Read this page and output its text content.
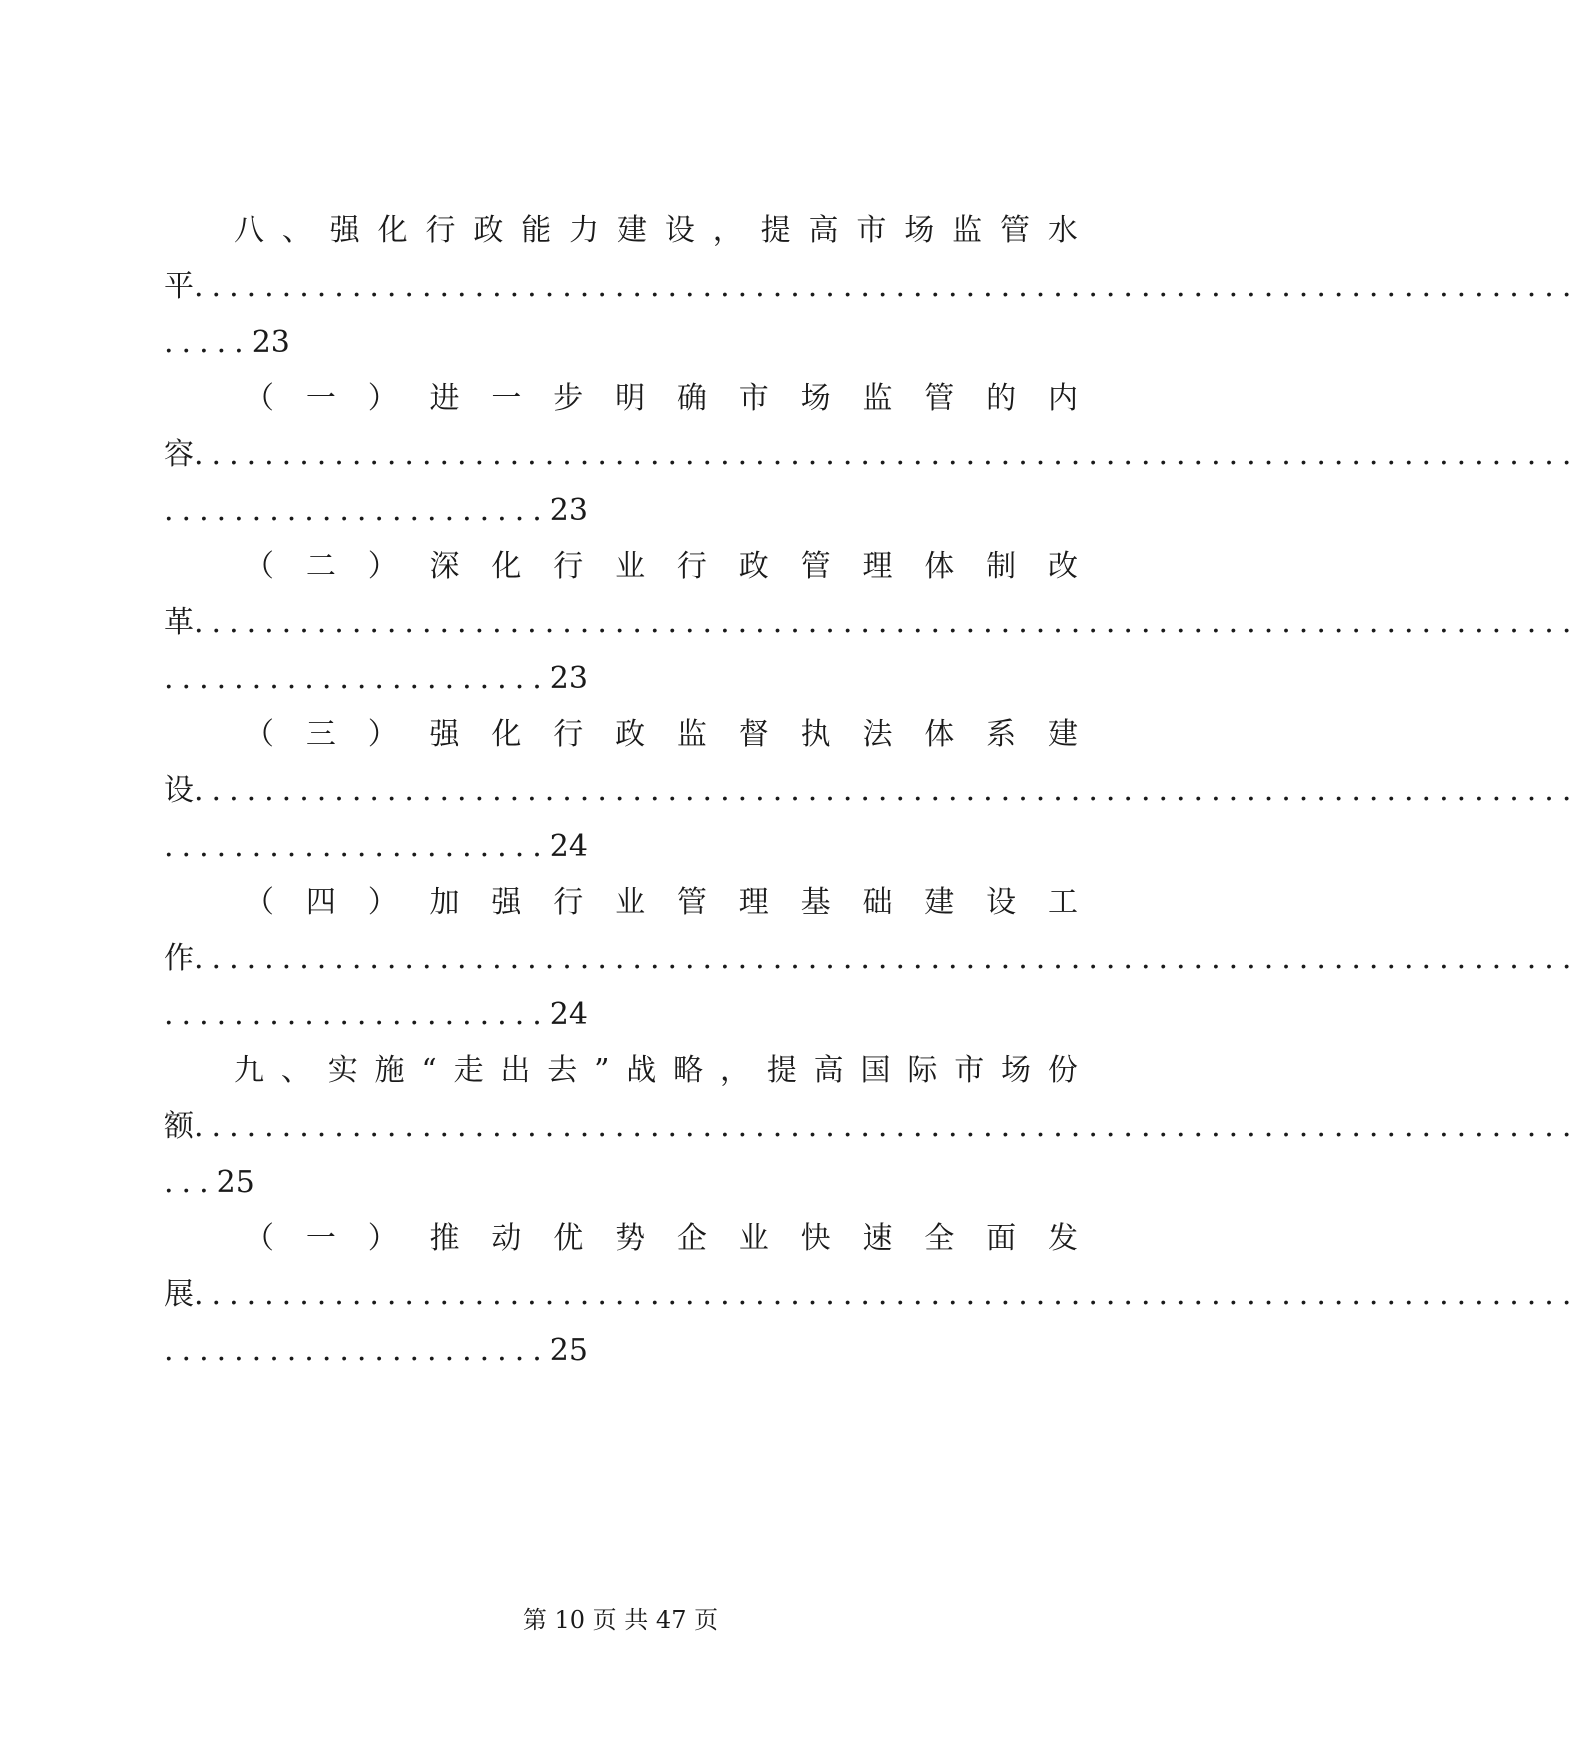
八 、 强 化 行 政 能 力 建 设 ， 提 高 市 场 监 管 水
平 ...............................................................................
..... 23
（ 一 ） 进 一 步 明 确 市 场 监 管 的 内
容 ...............................................................................
...................... 23
（ 二 ） 深 化 行 业 行 政 管 理 体 制 改
革 ...............................................................................
...................... 23
（ 三 ） 强 化 行 政 监 督 执 法 体 系 建
设 ...............................................................................
...................... 24
（ 四 ） 加 强 行 业 管 理 基 础 建 设 工
作 ...............................................................................
...................... 24
九 、 实 施 “ 走 出 去 ” 战 略 ， 提 高 国 际 市 场 份
额 ...............................................................................
... 25
（ 一 ） 推 动 优 势 企 业 快 速 全 面 发
展 ...............................................................................
...................... 25
第 10 页 共 47 页
